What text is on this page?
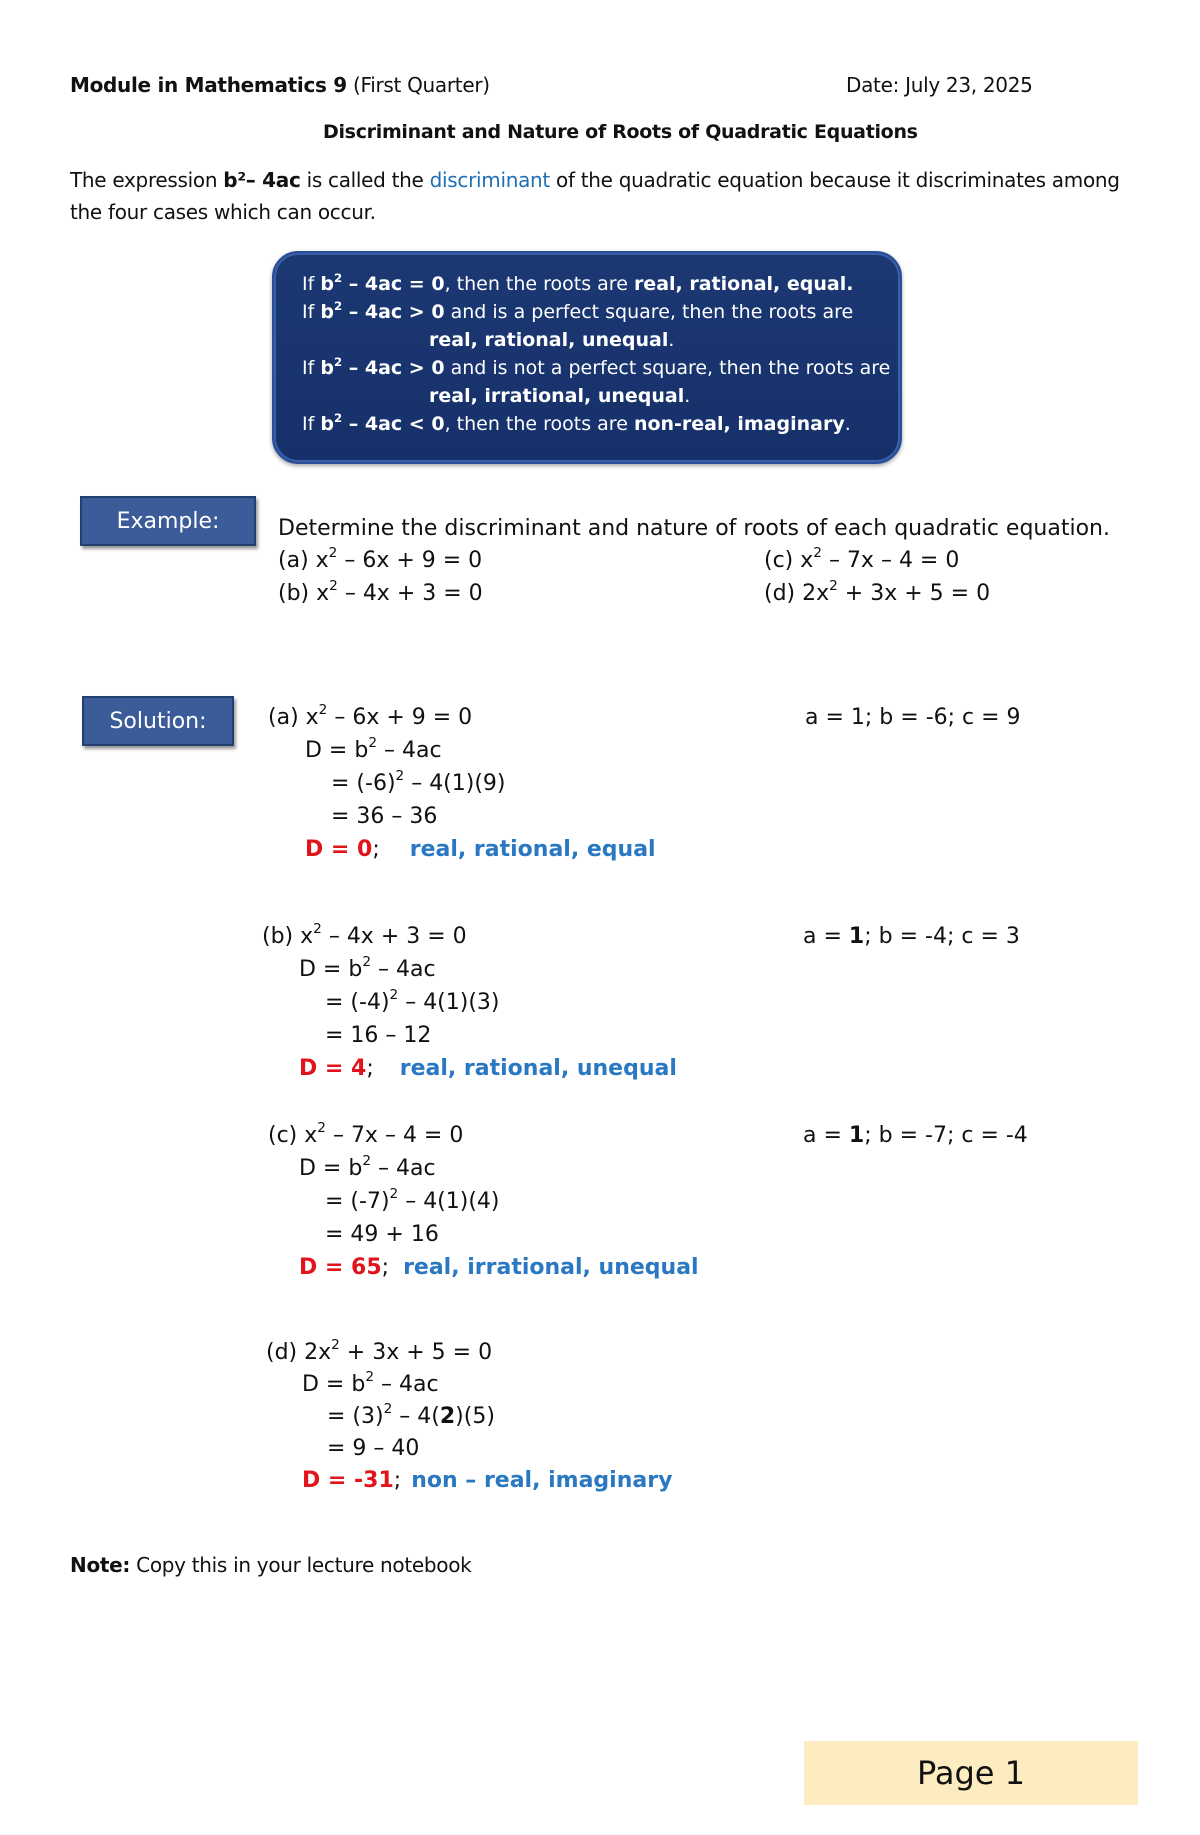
Module in Mathematics 9 (First Quarter)	Date: July 23, 2025
Discriminant and Nature of Roots of Quadratic Equations
The expression b²– 4ac is called the discriminant of the quadratic equation because it discriminates among the four cases which can occur.
If $b^2 - 4ac = 0$, then the roots are real, rational, equal.
If $b^2 - 4ac > 0$ and is a perfect square, then the roots are
real, rational, unequal.
If $b^2 - 4ac > 0$ and is not a perfect square, then the roots are
real, irrational, unequal.
If $b^2 - 4ac < 0$, then the roots are non-real, imaginary.
Example:	Determine the discriminant and nature of roots of each quadratic equation.
(a) $x^2 - 6x + 9 = 0$
(b) $x^2 - 4x + 3 = 0$
(c) $x^2 - 7x - 4 = 0$
(d) $2x^2 + 3x + 5 = 0$
Solution:	(a) $x^2 - 6x + 9 = 0$	a = 1; b = -6; c = 9
$D = b^2 - 4ac$
= $(-6)^2 - 4(1)(9)$
= 36 – 36
D = 0; real, rational, equal
(b) $x^2 - 4x + 3 = 0$	a = 1; b = -4; c = 3
$D = b^2 - 4ac$
= $(-4)^2 - 4(1)(3)$
= 16 – 12
D = 4; real, rational, unequal
(c) $x^2 - 7x - 4 = 0$	a = 1; b = -7; c = -4
$D = b^2 - 4ac$
= $(-7)^2 - 4(1)(4)$
= 49 + 16
D = 65; real, irrational, unequal
(d) $2x^2 + 3x + 5 = 0$
$D = b^2 - 4ac$
= $(3)^2 - 4(2)(5)$
= 9 – 40
D = -31; non – real, imaginary
Note: Copy this in your lecture notebook
Page 1
